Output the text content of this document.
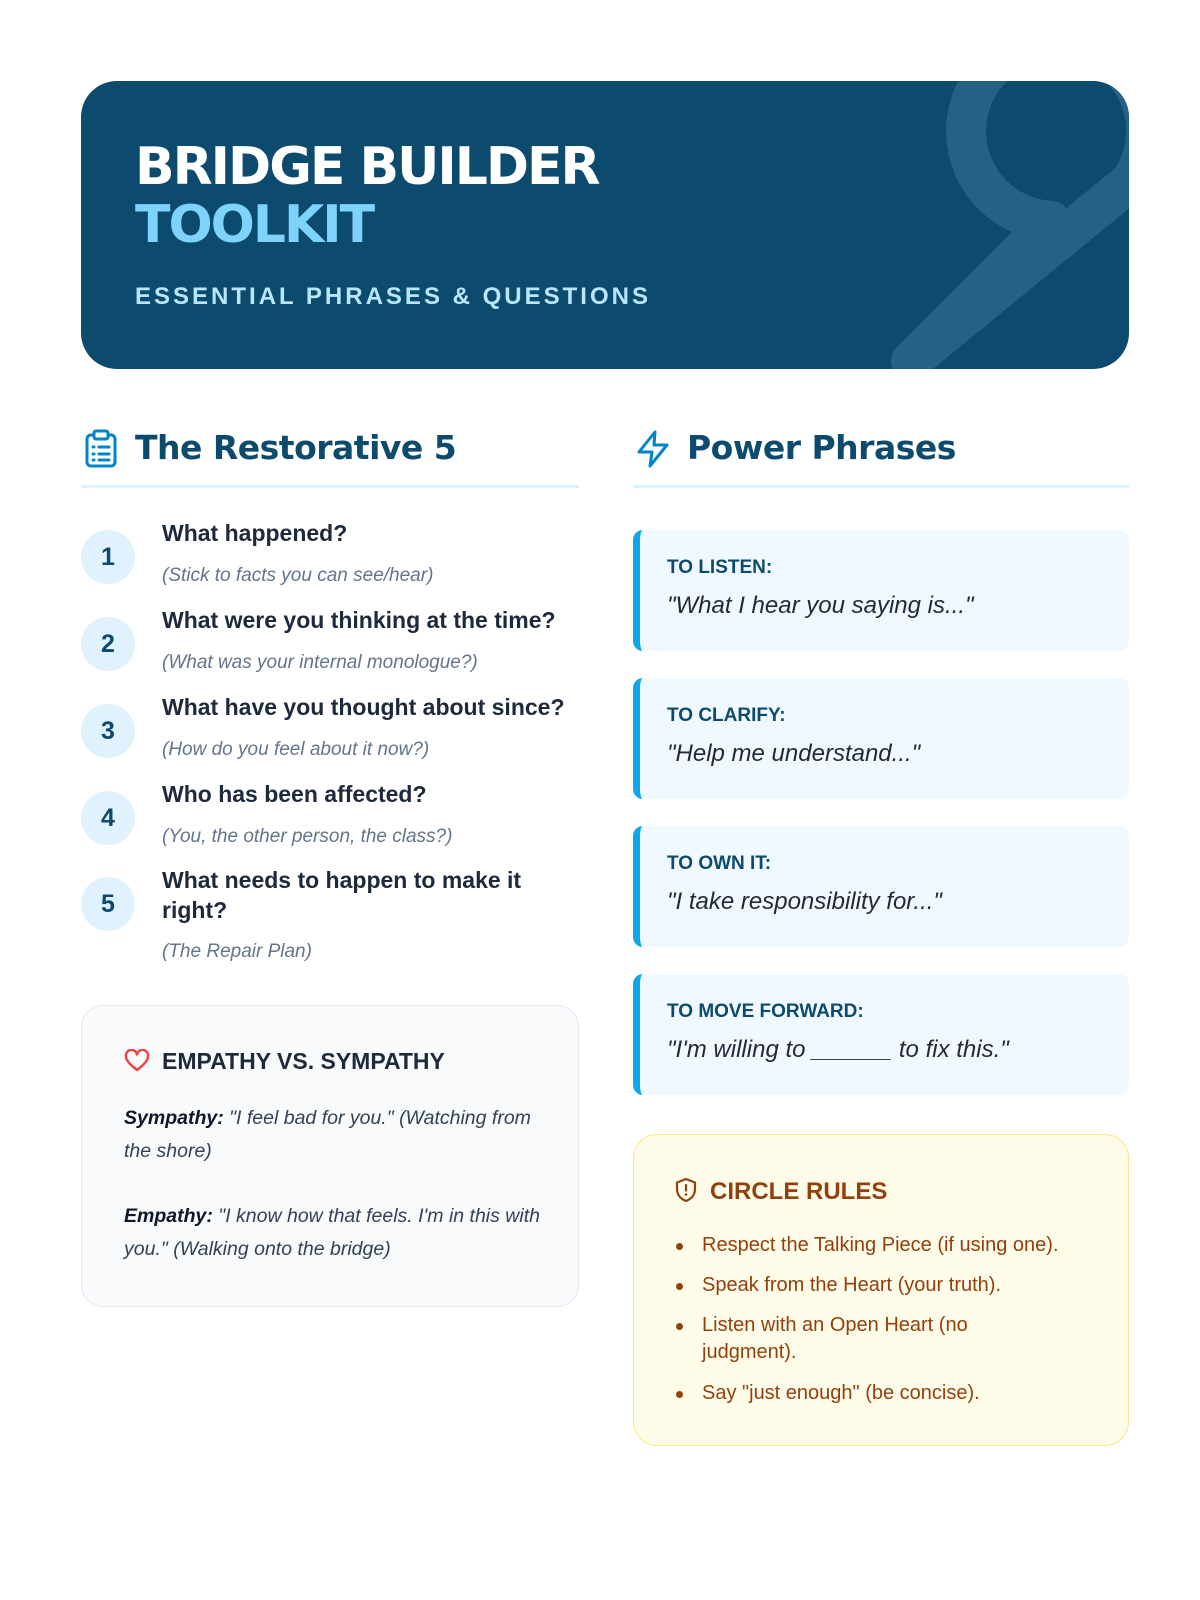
BRIDGE BUILDER
TOOLKIT
ESSENTIAL PHRASES & QUESTIONS
The Restorative 5
1
What happened?
(Stick to facts you can see/hear)
2
What were you thinking at the time?
(What was your internal monologue?)
3
What have you thought about since?
(How do you feel about it now?)
4
Who has been affected?
(You, the other person, the class?)
5
What needs to happen to make it right?
(The Repair Plan)
EMPATHY VS. SYMPATHY
Sympathy: "I feel bad for you." (Watching from the shore)
Empathy: "I know how that feels. I'm in this with you." (Walking onto the bridge)
Power Phrases
TO LISTEN:
"What I hear you saying is..."
TO CLARIFY:
"Help me understand..."
TO OWN IT:
"I take responsibility for..."
TO MOVE FORWARD:
"I'm willing to ______ to fix this."
CIRCLE RULES
Respect the Talking Piece (if using one).
Speak from the Heart (your truth).
Listen with an Open Heart (no judgment).
Say "just enough" (be concise).
